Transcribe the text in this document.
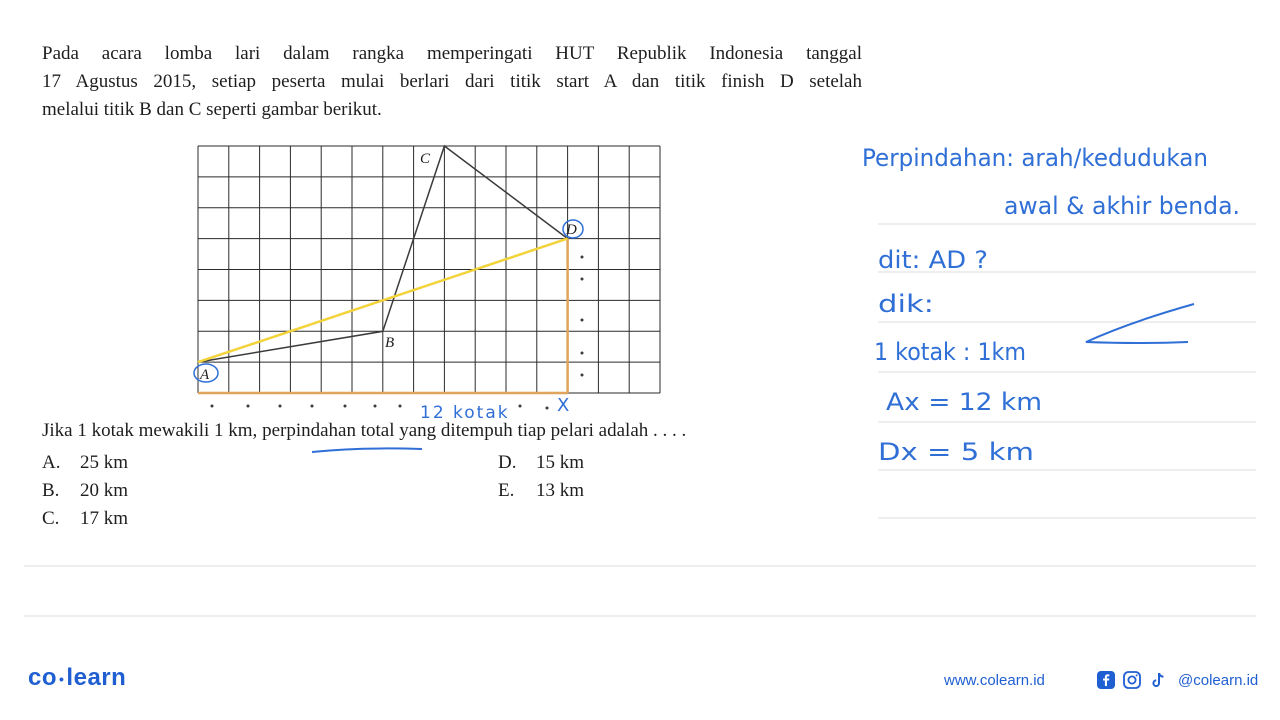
Pada acara lomba lari dalam rangka memperingati HUT Republik Indonesia tanggal
17 Agustus 2015, setiap peserta mulai berlari dari titik start A dan titik finish D setelah
melalui titik B dan C seperti gambar berikut.
A
B
C
D
12 kotak	X
Jika 1 kotak mewakili 1 km, perpindahan total yang ditempuh tiap pelari adalah . . . .
A. 25 km
B. 20 km
C. 17 km
D. 15 km
E. 13 km
Perpindahan: arah/kedudukan
awal & akhir benda.
dit: AD ?
dik:
1 kotak : 1km
Ax = 12 km
Dx = 5 km
co •learn	www.colearn.id	@colearn.id
